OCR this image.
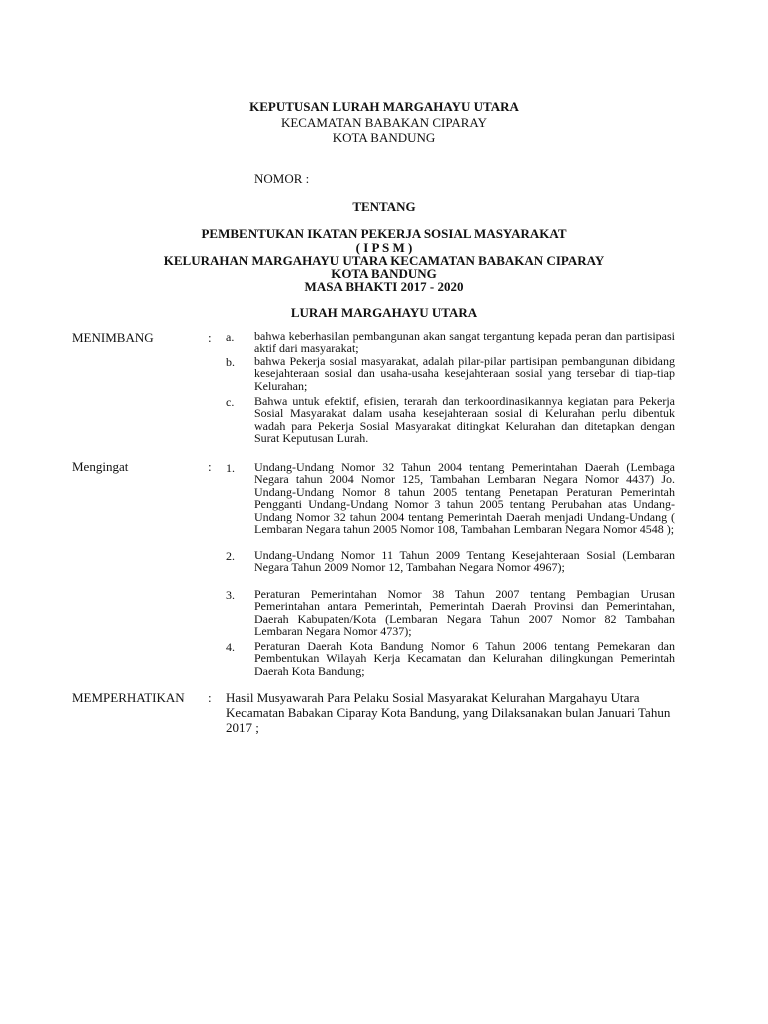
KEPUTUSAN LURAH MARGAHAYU UTARA
KECAMATAN BABAKAN CIPARAY
KOTA BANDUNG
NOMOR :
TENTANG
PEMBENTUKAN IKATAN PEKERJA SOSIAL MASYARAKAT
( I P S M )
KELURAHAN MARGAHAYU UTARA KECAMATAN BABAKAN CIPARAY
KOTA BANDUNG
MASA BHAKTI 2017 - 2020
LURAH MARGAHAYU UTARA
MENIMBANG	: a. bahwa keberhasilan pembangunan akan sangat tergantung kepada peran dan partisipasi aktif dari masyarakat;
b. bahwa Pekerja sosial masyarakat, adalah pilar-pilar partisipan pembangunan dibidang kesejahteraan sosial dan usaha-usaha kesejahteraan sosial yang tersebar di tiap-tiap Kelurahan;
c. Bahwa untuk efektif, efisien, terarah dan terkoordinasikannya kegiatan para Pekerja Sosial Masyarakat dalam usaha kesejahteraan sosial di Kelurahan perlu dibentuk wadah para Pekerja Sosial Masyarakat ditingkat Kelurahan dan ditetapkan dengan Surat Keputusan Lurah.
Mengingat	: 1. Undang-Undang Nomor 32 Tahun 2004 tentang Pemerintahan Daerah (Lembaga Negara tahun 2004 Nomor 125, Tambahan Lembaran Negara Nomor 4437) Jo. Undang-Undang Nomor 8 tahun 2005 tentang Penetapan Peraturan Pemerintah Pengganti Undang-Undang Nomor 3 tahun 2005 tentang Perubahan atas Undang-Undang Nomor 32 tahun 2004 tentang Pemerintah Daerah menjadi Undang-Undang ( Lembaran Negara tahun 2005 Nomor 108, Tambahan Lembaran Negara Nomor 4548 );
2. Undang-Undang Nomor 11 Tahun 2009 Tentang Kesejahteraan Sosial (Lembaran Negara Tahun 2009 Nomor 12, Tambahan Negara Nomor 4967);
3. Peraturan Pemerintahan Nomor 38 Tahun 2007 tentang Pembagian Urusan Pemerintahan antara Pemerintah, Pemerintah Daerah Provinsi dan Pemerintahan, Daerah Kabupaten/Kota (Lembaran Negara Tahun 2007 Nomor 82 Tambahan Lembaran Negara Nomor 4737);
4. Peraturan Daerah Kota Bandung Nomor 6 Tahun 2006 tentang Pemekaran dan Pembentukan Wilayah Kerja Kecamatan dan Kelurahan dilingkungan Pemerintah Daerah Kota Bandung;
MEMPERHATIKAN : Hasil Musyawarah Para Pelaku Sosial Masyarakat Kelurahan Margahayu Utara Kecamatan Babakan Ciparay Kota Bandung, yang Dilaksanakan bulan Januari Tahun 2017 ;
